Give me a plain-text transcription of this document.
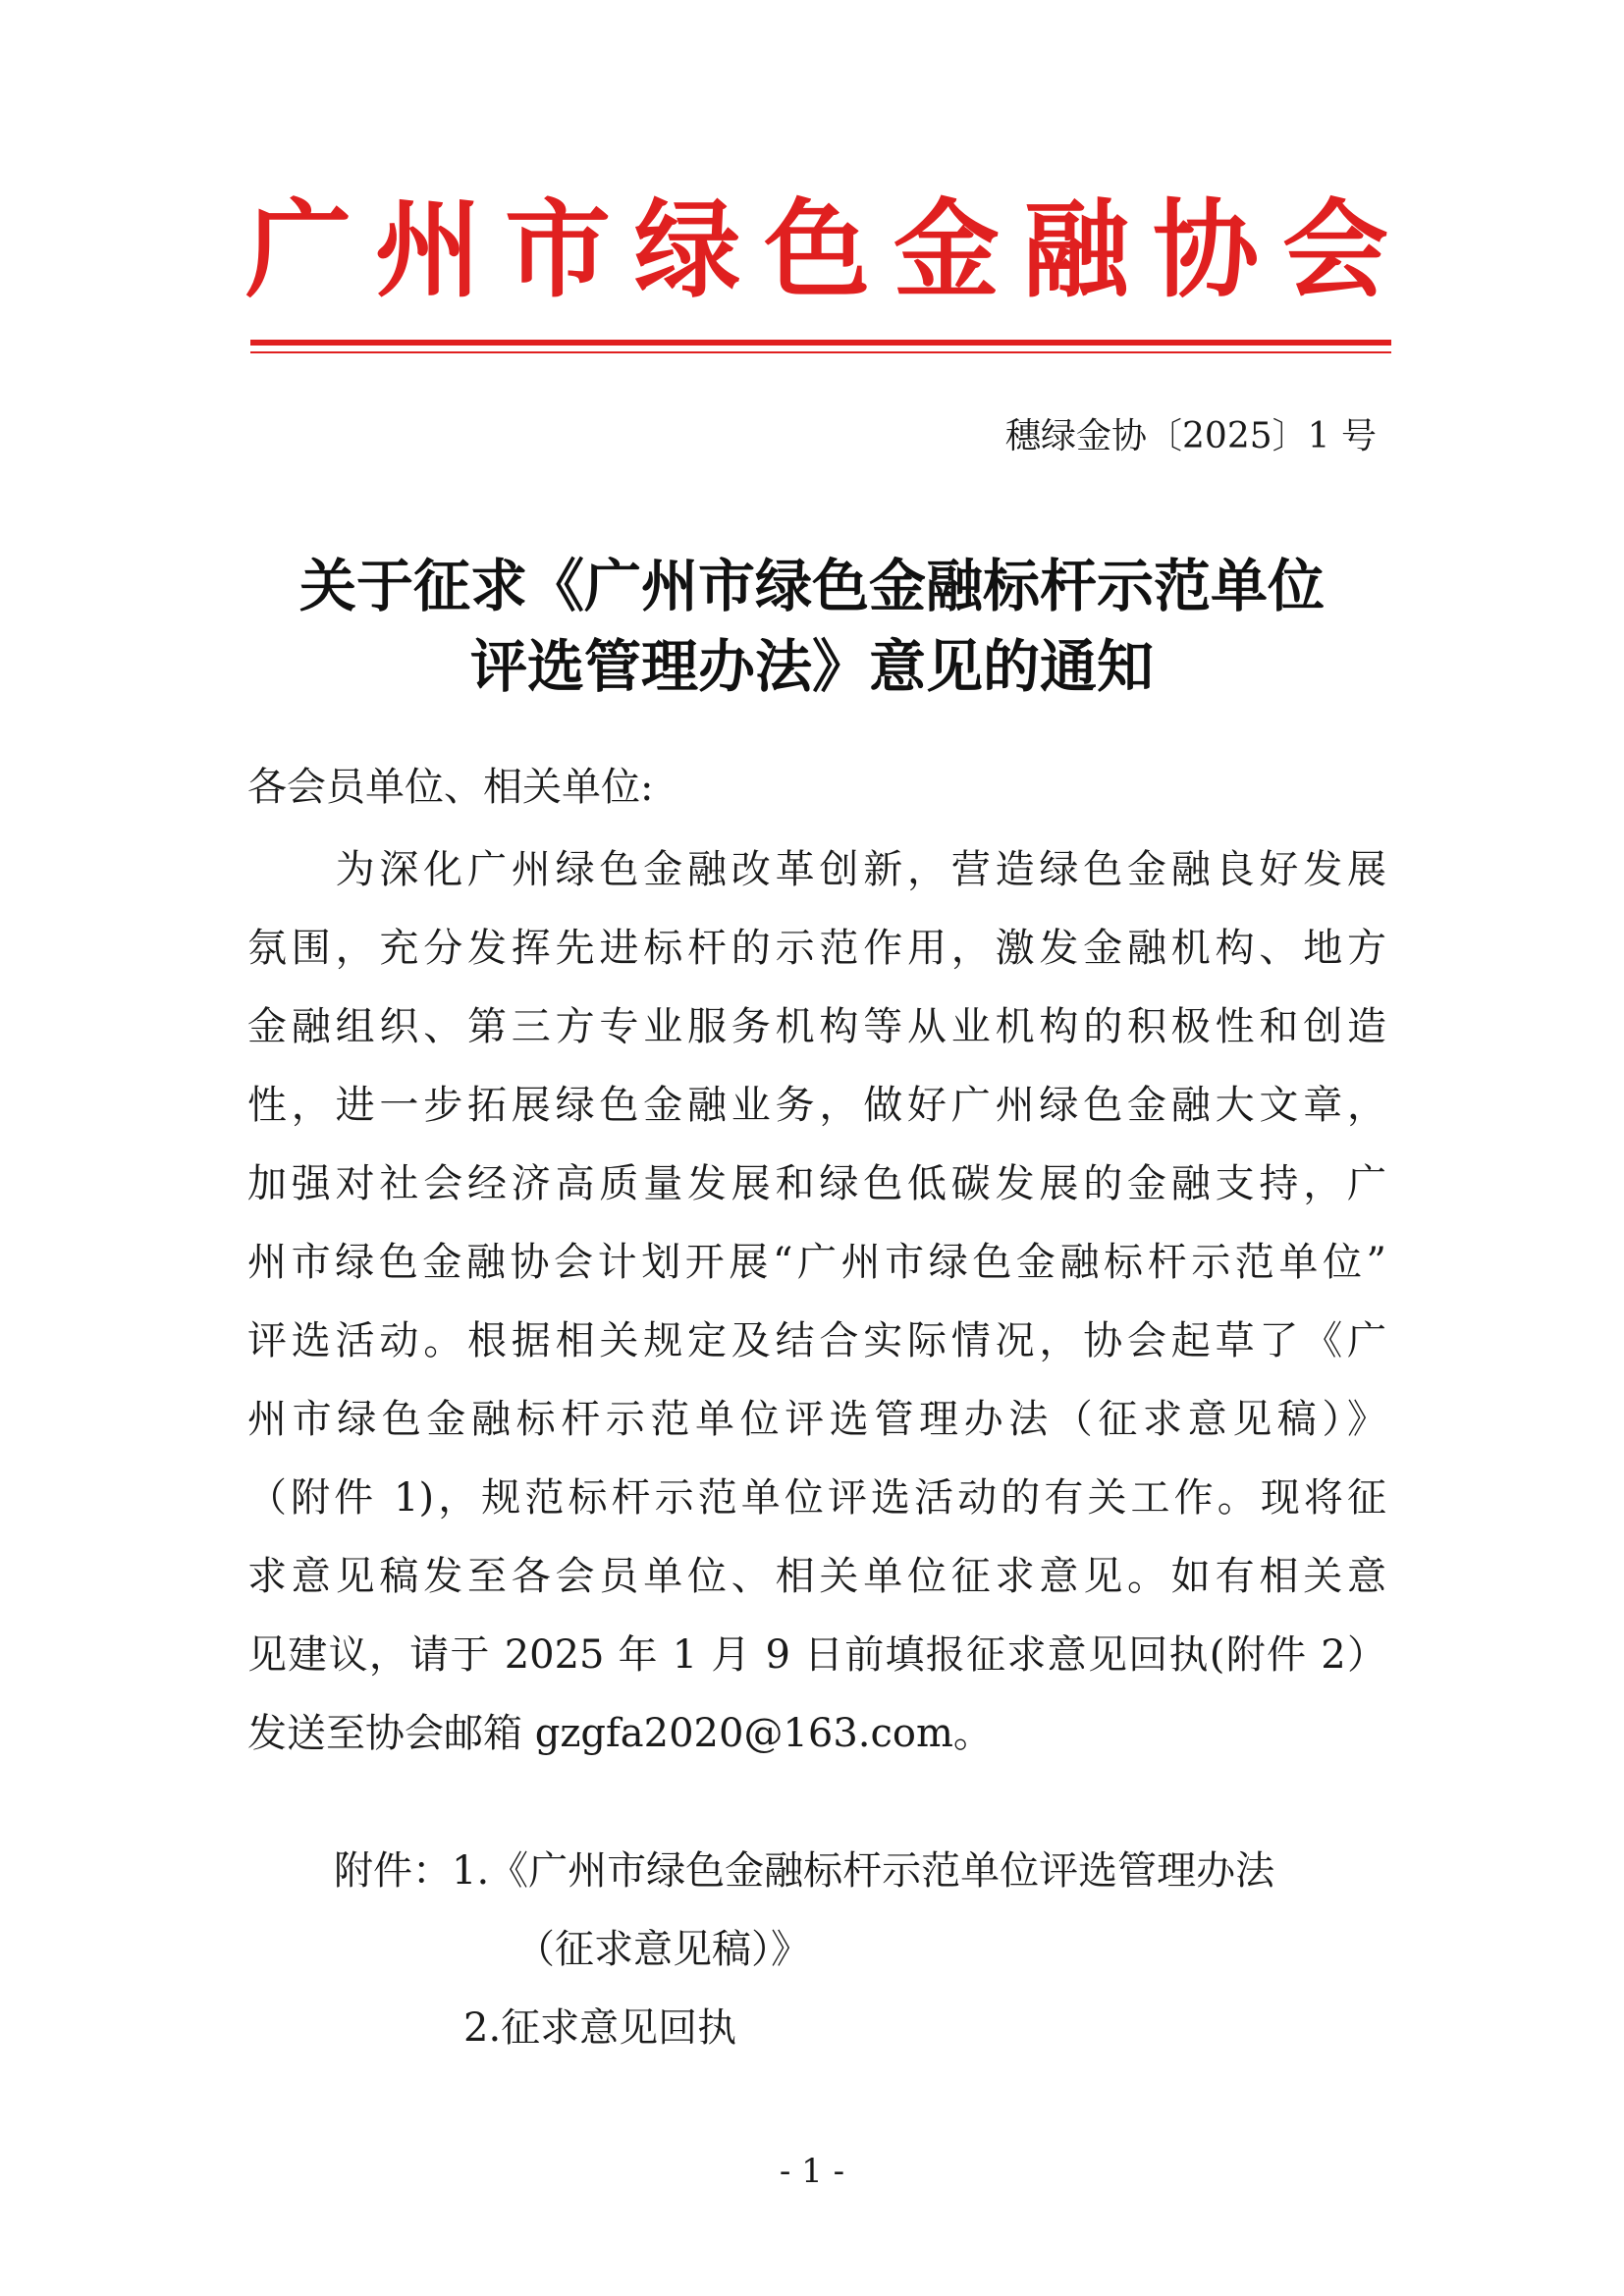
广州市绿色金融协会
穗绿金协〔2025〕1 号
关于征求《广州市绿色金融标杆示范单位
评选管理办法》意见的通知
各会员单位、相关单位:
　　为深化广州绿色金融改革创新，营造绿色金融良好发展
氛围，充分发挥先进标杆的示范作用，激发金融机构、地方
金融组织、第三方专业服务机构等从业机构的积极性和创造
性，进一步拓展绿色金融业务，做好广州绿色金融大文章，
加强对社会经济高质量发展和绿色低碳发展的金融支持，广
州市绿色金融协会计划开展“广州市绿色金融标杆示范单位”
评选活动。根据相关规定及结合实际情况，协会起草了《广
州市绿色金融标杆示范单位评选管理办法（征求意见稿）》
（附件 1)，规范标杆示范单位评选活动的有关工作。现将征
求意见稿发至各会员单位、相关单位征求意见。如有相关意
见建议，请于 2025 年 1 月 9 日前填报征求意见回执(附件 2）
发送至协会邮箱 gzgfa2020@163.com。
附件：1.《广州市绿色金融标杆示范单位评选管理办法
（征求意见稿）》
2.征求意见回执
- 1 -
